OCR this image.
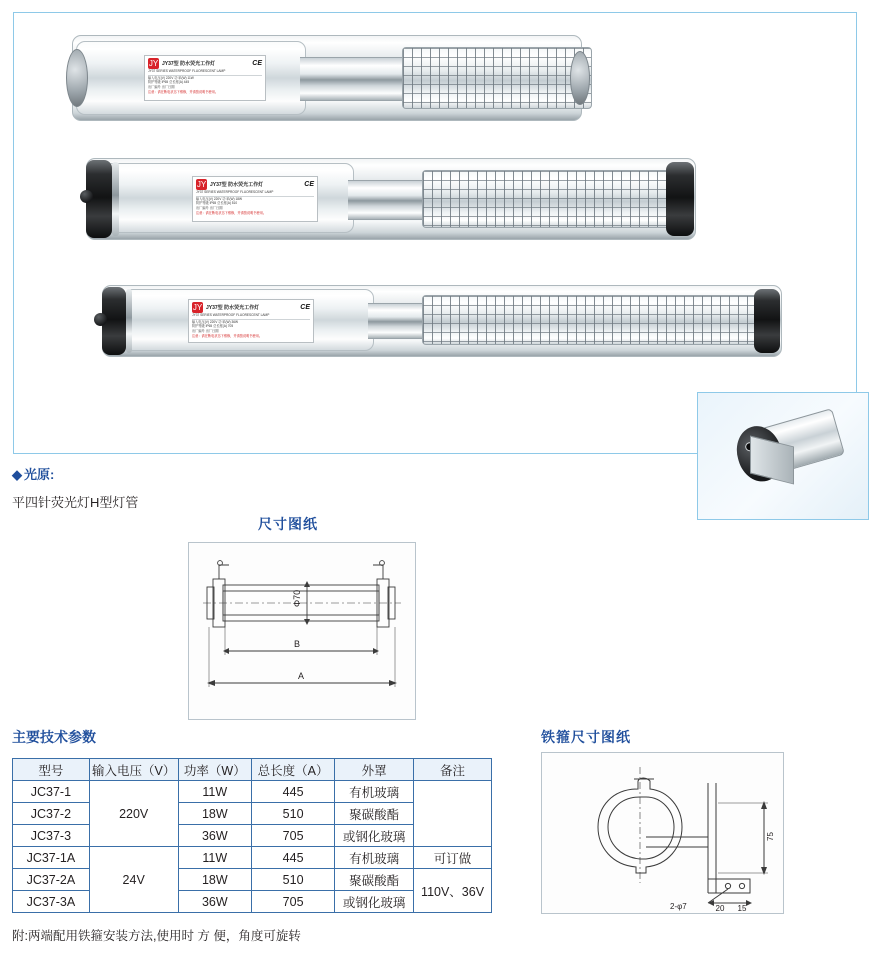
JY JY37型 防水荧光工作灯	CE
JY37 SERIES WATERPROOF FLUORESCENT LAMP
输入电压(V) 220V 功 率(W) 11W
防护等级 IP65 总长度(A) 445
出厂编号 出厂日期
注意：请在断电状态下维修，并请按说明书使用。
JY JY37型 防水荧光工作灯	CE
JY37 SERIES WATERPROOF FLUORESCENT LAMP
输入电压(V) 220V 功 率(W) 18W
防护等级 IP65 总长度(A) 510
出厂编号 出厂日期
注意：请在断电状态下维修，并请按说明书使用。
JY JY37型 防水荧光工作灯	CE
JY37 SERIES WATERPROOF FLUORESCENT LAMP
输入电压(V) 220V 功 率(W) 36W
防护等级 IP65 总长度(A) 705
出厂编号 出厂日期
注意：请在断电状态下维修，并请按说明书使用。
◆ 光原:
平四针荧光灯H型灯管
尺寸图纸
Φ70
B
A
主要技术参数
型号	输入电压（V）	功率（W）	总长度（A）	外罩	备注
JC37-1	220V	11W	445	有机玻璃	
JC37-2		18W	510	聚碳酸酯	
JC37-3		36W	705	或钢化玻璃	
JC37-1A	24V	11W	445	有机玻璃	可订做
JC37-2A		18W	510	聚碳酸酯	110V、36V
JC37-3A		36W	705	或钢化玻璃	
附:两端配用铁箍安装方法,使用时 方 便，角度可旋转
铁箍尺寸图纸
75
20 15
2-φ7
